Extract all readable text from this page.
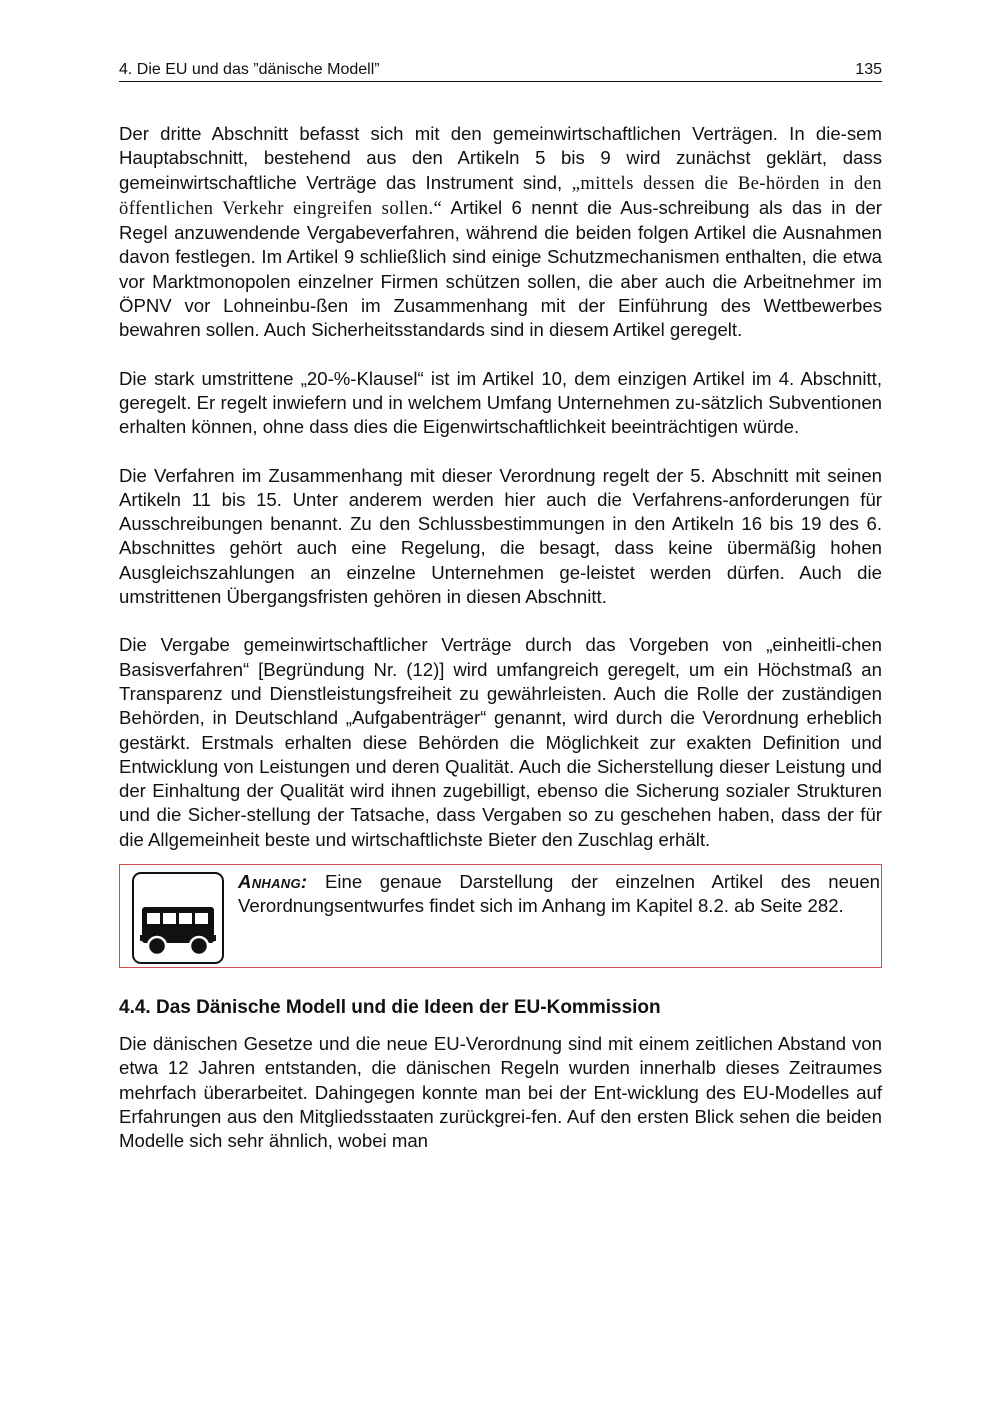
4. Die EU und das ”dänische Modell”	135

Der dritte Abschnitt befasst sich mit den gemeinwirtschaftlichen Verträgen. In die-sem Hauptabschnitt, bestehend aus den Artikeln 5 bis 9 wird zunächst geklärt, dass gemeinwirtschaftliche Verträge das Instrument sind, „mittels dessen die Be-hörden in den öffentlichen Verkehr eingreifen sollen.“ Artikel 6 nennt die Aus-schreibung als das in der Regel anzuwendende Vergabeverfahren, während die beiden folgen Artikel die Ausnahmen davon festlegen. Im Artikel 9 schließlich sind einige Schutzmechanismen enthalten, die etwa vor Marktmonopolen einzelner Firmen schützen sollen, die aber auch die Arbeitnehmer im ÖPNV vor Lohneinbu-ßen im Zusammenhang mit der Einführung des Wettbewerbes bewahren sollen. Auch Sicherheitsstandards sind in diesem Artikel geregelt.

Die stark umstrittene „20-%-Klausel“ ist im Artikel 10, dem einzigen Artikel im 4. Abschnitt, geregelt. Er regelt inwiefern und in welchem Umfang Unternehmen zu-sätzlich Subventionen erhalten können, ohne dass dies die Eigenwirtschaftlichkeit beeinträchtigen würde.

Die Verfahren im Zusammenhang mit dieser Verordnung regelt der 5. Abschnitt mit seinen Artikeln 11 bis 15. Unter anderem werden hier auch die Verfahrens-anforderungen für Ausschreibungen benannt. Zu den Schlussbestimmungen in den Artikeln 16 bis 19 des 6. Abschnittes gehört auch eine Regelung, die besagt, dass keine übermäßig hohen Ausgleichszahlungen an einzelne Unternehmen ge-leistet werden dürfen. Auch die umstrittenen Übergangsfristen gehören in diesen Abschnitt.

Die Vergabe gemeinwirtschaftlicher Verträge durch das Vorgeben von „einheitli-chen Basisverfahren“ [Begründung Nr. (12)] wird umfangreich geregelt, um ein Höchstmaß an Transparenz und Dienstleistungsfreiheit zu gewährleisten. Auch die Rolle der zuständigen Behörden, in Deutschland „Aufgabenträger“ genannt, wird durch die Verordnung erheblich gestärkt. Erstmals erhalten diese Behörden die Möglichkeit zur exakten Definition und Entwicklung von Leistungen und deren Qualität. Auch die Sicherstellung dieser Leistung und der Einhaltung der Qualität wird ihnen zugebilligt, ebenso die Sicherung sozialer Strukturen und die Sicher-stellung der Tatsache, dass Vergaben so zu geschehen haben, dass der für die Allgemeinheit beste und wirtschaftlichste Bieter den Zuschlag erhält.

Anhang: Eine genaue Darstellung der einzelnen Artikel des neuen Verordnungsentwurfes findet sich im Anhang im Kapitel 8.2. ab Seite 282.
4.4. Das Dänische Modell und die Ideen der EU-Kommission

Die dänischen Gesetze und die neue EU-Verordnung sind mit einem zeitlichen Abstand von etwa 12 Jahren entstanden, die dänischen Regeln wurden innerhalb dieses Zeitraumes mehrfach überarbeitet. Dahingegen konnte man bei der Ent-wicklung des EU-Modelles auf Erfahrungen aus den Mitgliedsstaaten zurückgrei-fen. Auf den ersten Blick sehen die beiden Modelle sich sehr ähnlich, wobei man
